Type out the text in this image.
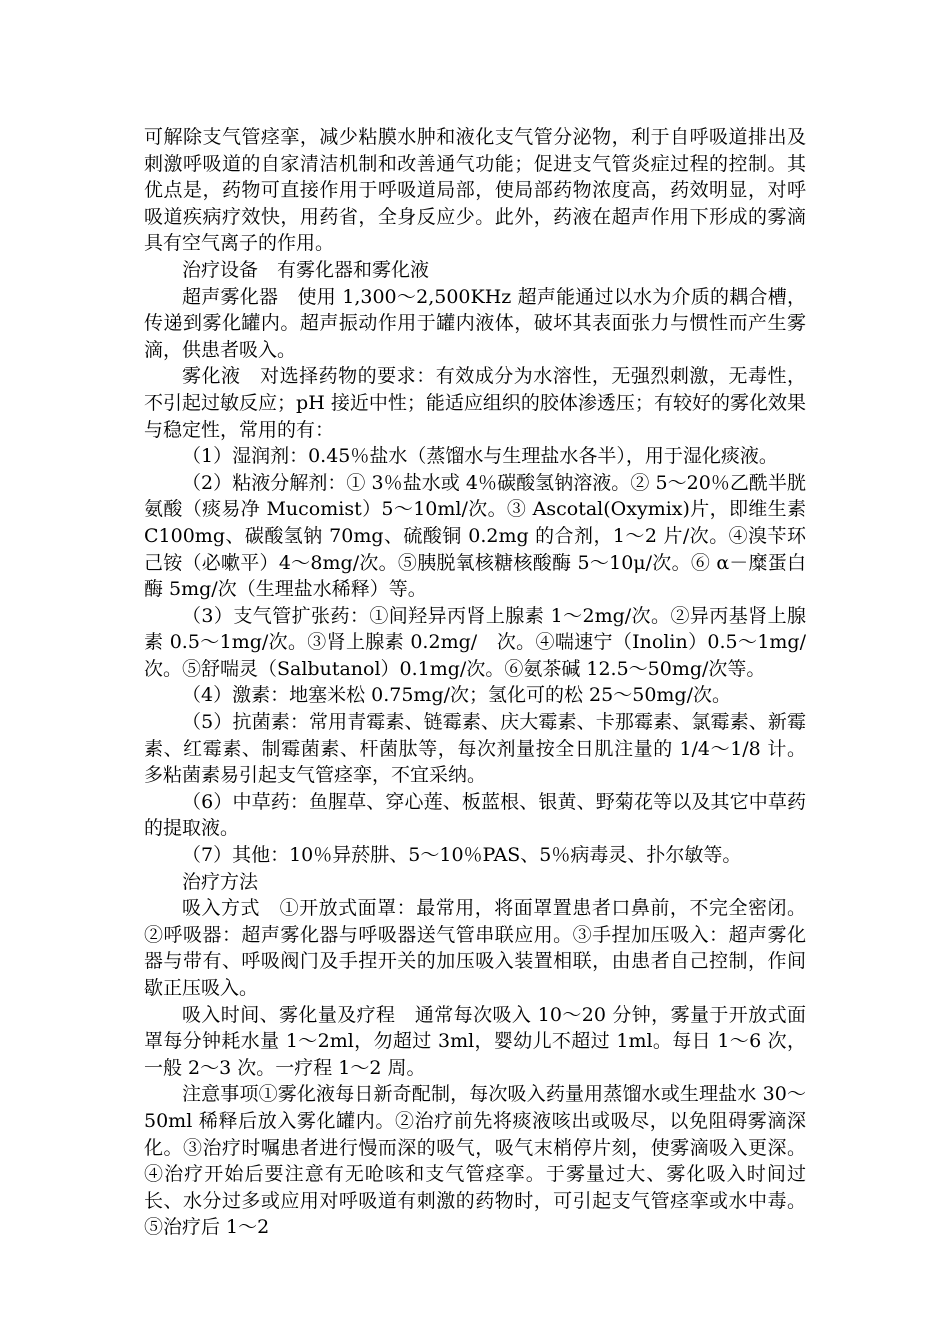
可解除支气管痉挛，减少粘膜水肿和液化支气管分泌物，利于自呼吸道排出及刺激呼吸道的自家清洁机制和改善通气功能；促进支气管炎症过程的控制。其优点是，药物可直接作用于呼吸道局部，使局部药物浓度高，药效明显，对呼吸道疾病疗效快，用药省，全身反应少。此外，药液在超声作用下形成的雾滴具有空气离子的作用。

治疗设备　有雾化器和雾化液

超声雾化器　使用 1,300～2,500KHz 超声能通过以水为介质的耦合槽，传递到雾化罐内。超声振动作用于罐内液体，破坏其表面张力与惯性而产生雾滴，供患者吸入。

雾化液　对选择药物的要求：有效成分为水溶性，无强烈刺激，无毒性，不引起过敏反应；pH 接近中性；能适应组织的胶体渗透压；有较好的雾化效果与稳定性，常用的有：

（1）湿润剂：0.45％盐水（蒸馏水与生理盐水各半），用于湿化痰液。

（2）粘液分解剂：① 3％盐水或 4％碳酸氢钠溶液。② 5～20％乙酰半胱氨酸（痰易净 Mucomist）5～10ml/次。③ Ascotal(Oxymix)片，即维生素 C100mg、碳酸氢钠 70mg、硫酸铜 0.2mg 的合剂，1～2 片/次。④溴苄环己铵（必嗽平）4～8mg/次。⑤胰脱氧核糖核酸酶 5～10μ/次。⑥ α－糜蛋白酶 5mg/次（生理盐水稀释）等。

（3）支气管扩张药：①间羟异丙肾上腺素 1～2mg/次。②异丙基肾上腺素 0.5～1mg/次。③肾上腺素 0.2mg/　次。④喘速宁（Inolin）0.5～1mg/次。⑤舒喘灵（Salbutanol）0.1mg/次。⑥氨茶碱 12.5～50mg/次等。

（4）激素：地塞米松 0.75mg/次；氢化可的松 25～50mg/次。

（5）抗菌素：常用青霉素、链霉素、庆大霉素、卡那霉素、氯霉素、新霉素、红霉素、制霉菌素、杆菌肽等，每次剂量按全日肌注量的 1/4～1/8 计。多粘菌素易引起支气管痉挛，不宜采纳。

（6）中草药：鱼腥草、穿心莲、板蓝根、银黄、野菊花等以及其它中草药的提取液。

（7）其他：10％异菸肼、5～10％PAS、5％病毒灵、扑尔敏等。

治疗方法

吸入方式　①开放式面罩：最常用，将面罩置患者口鼻前，不完全密闭。②呼吸器：超声雾化器与呼吸器送气管串联应用。③手捏加压吸入：超声雾化器与带有、呼吸阀门及手捏开关的加压吸入装置相联，由患者自己控制，作间歇正压吸入。

吸入时间、雾化量及疗程　通常每次吸入 10～20 分钟，雾量于开放式面罩每分钟耗水量 1～2ml，勿超过 3ml，婴幼儿不超过 1ml。每日 1～6 次，一般 2～3 次。一疗程 1～2 周。

注意事项①雾化液每日新奇配制，每次吸入药量用蒸馏水或生理盐水 30～50ml 稀释后放入雾化罐内。②治疗前先将痰液咳出或吸尽，以免阻碍雾滴深化。③治疗时嘱患者进行慢而深的吸气，吸气末梢停片刻，使雾滴吸入更深。④治疗开始后要注意有无呛咳和支气管痉挛。于雾量过大、雾化吸入时间过长、水分过多或应用对呼吸道有刺激的药物时，可引起支气管痉挛或水中毒。⑤治疗后 1～2
